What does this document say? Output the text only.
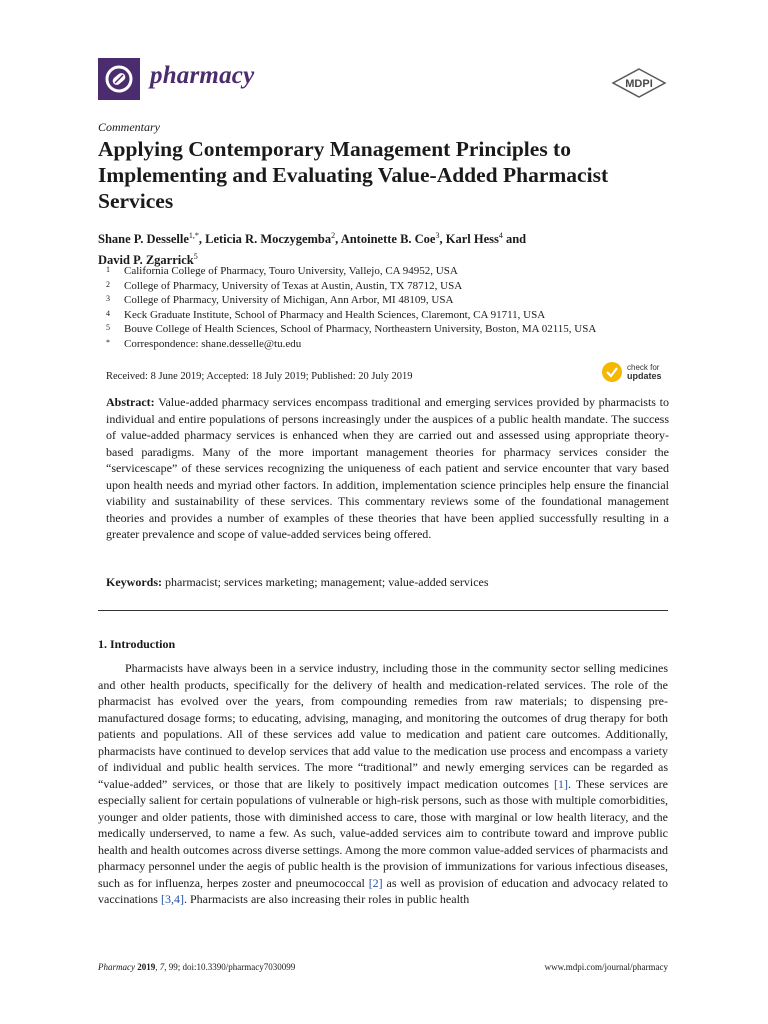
pharmacy	MDPI
Commentary
Applying Contemporary Management Principles to Implementing and Evaluating Value-Added Pharmacist Services
Shane P. Desselle$^{1,*}$, Leticia R. Moczygemba$^2$, Antoinette B. Coe$^3$, Karl Hess$^4$ and
David P. Zgarrick$^5$
1	California College of Pharmacy, Touro University, Vallejo, CA 94952, USA
2	College of Pharmacy, University of Texas at Austin, Austin, TX 78712, USA
3	College of Pharmacy, University of Michigan, Ann Arbor, MI 48109, USA
4	Keck Graduate Institute, School of Pharmacy and Health Sciences, Claremont, CA 91711, USA
5	Bouve College of Health Sciences, School of Pharmacy, Northeastern University, Boston, MA 02115, USA
*	Correspondence: shane.desselle@tu.edu
Received: 8 June 2019; Accepted: 18 July 2019; Published: 20 July 2019
check for
updates

Abstract: Value-added pharmacy services encompass traditional and emerging services provided by pharmacists to individual and entire populations of persons increasingly under the auspices of a public health mandate. The success of value-added pharmacy services is enhanced when they are carried out and assessed using appropriate theory-based paradigms. Many of the more important management theories for pharmacy services consider the “servicescape” of these services recognizing the uniqueness of each patient and service encounter that vary based upon health needs and myriad other factors. In addition, implementation science principles help ensure the financial viability and sustainability of these services. This commentary reviews some of the foundational management theories and provides a number of examples of these theories that have been applied successfully resulting in a greater prevalence and scope of value-added services being offered.

Keywords: pharmacist; services marketing; management; value-added services

1. Introduction

Pharmacists have always been in a service industry, including those in the community sector selling medicines and other health products, specifically for the delivery of health and medication-related services. The role of the pharmacist has evolved over the years, from compounding remedies from raw materials; to dispensing pre-manufactured dosage forms; to educating, advising, managing, and monitoring the outcomes of drug therapy for both patients and populations. All of these services add value to medication and patient care outcomes. Additionally, pharmacists have continued to develop services that add value to the medication use process and encompass a variety of individual and public health services. The more “traditional” and newly emerging services can be regarded as “value-added” services, or those that are likely to positively impact medication outcomes [1]. These services are especially salient for certain populations of vulnerable or high-risk persons, such as those with multiple comorbidities, younger and older patients, those with diminished access to care, those with marginal or low health literacy, and the medically underserved, to name a few. As such, value-added services aim to contribute toward and improve public health and health outcomes across diverse settings. Among the more common value-added services of pharmacists and pharmacy personnel under the aegis of public health is the provision of immunizations for various infectious diseases, such as for influenza, herpes zoster and pneumococcal [2] as well as provision of education and advocacy related to vaccinations [3,4]. Pharmacists are also increasing their roles in public health

Pharmacy 2019, 7, 99; doi:10.3390/pharmacy7030099	www.mdpi.com/journal/pharmacy
